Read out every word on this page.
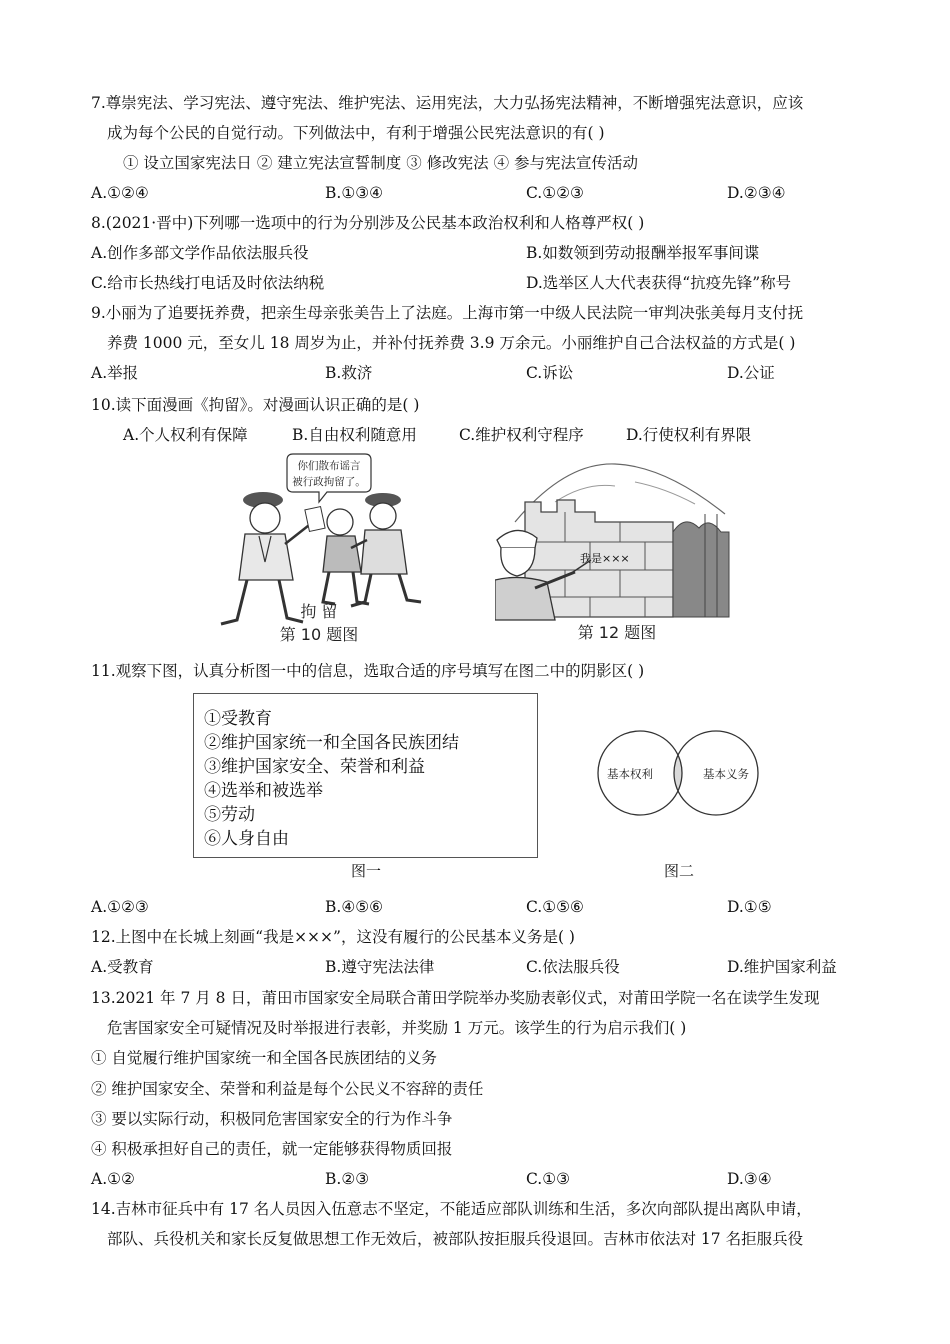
7.尊崇宪法、学习宪法、遵守宪法、维护宪法、运用宪法，大力弘扬宪法精神，不断增强宪法意识，应该
成为每个公民的自觉行动。下列做法中，有利于增强公民宪法意识的有( )
① 设立国家宪法日 ② 建立宪法宣誓制度 ③ 修改宪法 ④ 参与宪法宣传活动
A.①②④	B.①③④	C.①②③	D.②③④
8.(2021·晋中)下列哪一选项中的行为分别涉及公民基本政治权利和人格尊严权( )
A.创作多部文学作品依法服兵役	B.如数领到劳动报酬举报军事间谍
C.给市长热线打电话及时依法纳税	D.选举区人大代表获得“抗疫先锋”称号
9.小丽为了追要抚养费，把亲生母亲张美告上了法庭。上海市第一中级人民法院一审判决张美每月支付抚
养费 1000 元，至女儿 18 周岁为止，并补付抚养费 3.9 万余元。小丽维护自己合法权益的方式是( )
A.举报	B.救济	C.诉讼	D.公证
10.读下面漫画《拘留》。对漫画认识正确的是( )
A.个人权利有保障	B.自由权利随意用	C.维护权利守程序	D.行使权利有界限
你们散布谣言
被行政拘留了。
拘 留
第 10 题图
我是×××
第 12 题图
11.观察下图，认真分析图一中的信息，选取合适的序号填写在图二中的阴影区( )
①受教育
②维护国家统一和全国各民族团结
③维护国家安全、荣誉和利益
④选举和被选举
⑤劳动
⑥人身自由
图一
基本权利	基本义务
图二
A.①②③	B.④⑤⑥	C.①⑤⑥	D.①⑤
12.上图中在长城上刻画“我是×××”，这没有履行的公民基本义务是( )
A.受教育	B.遵守宪法法律	C.依法服兵役	D.维护国家利益
13.2021 年 7 月 8 日，莆田市国家安全局联合莆田学院举办奖励表彰仪式，对莆田学院一名在读学生发现
危害国家安全可疑情况及时举报进行表彰，并奖励 1 万元。该学生的行为启示我们( )
① 自觉履行维护国家统一和全国各民族团结的义务
② 维护国家安全、荣誉和利益是每个公民义不容辞的责任
③ 要以实际行动，积极同危害国家安全的行为作斗争
④ 积极承担好自己的责任，就一定能够获得物质回报
A.①②	B.②③	C.①③	D.③④
14.吉林市征兵中有 17 名人员因入伍意志不坚定，不能适应部队训练和生活，多次向部队提出离队申请，
部队、兵役机关和家长反复做思想工作无效后，被部队按拒服兵役退回。吉林市依法对 17 名拒服兵役
